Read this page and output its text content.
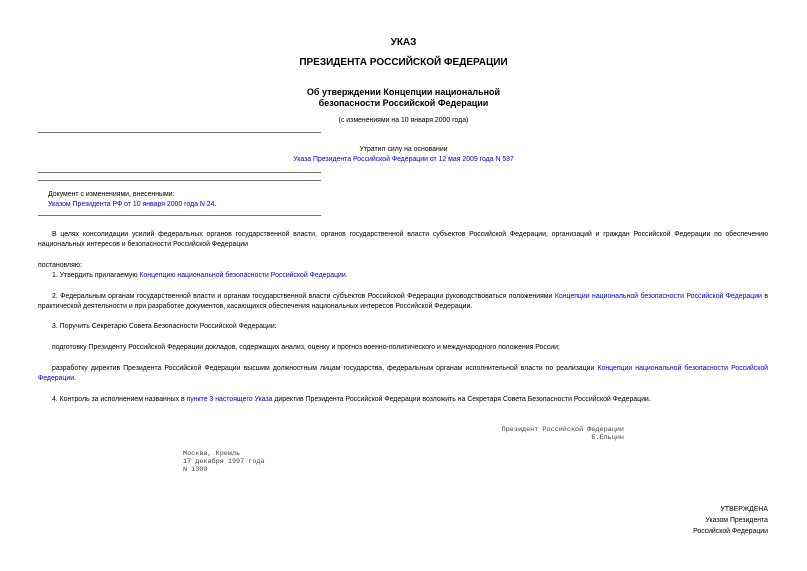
УКАЗ
ПРЕЗИДЕНТА РОССИЙСКОЙ ФЕДЕРАЦИИ
Об утверждении Концепции национальной
безопасности Российской Федерации
(с изменениями на 10 января 2000 года)
Утратил силу на основании
Указа Президента Российской Федерации от 12 мая 2009 года N 537
Документ с изменениями, внесенными:
Указом Президента РФ от 10 января 2000 года N 24.
В целях консолидации усилий федеральных органов государственной власти, органов государственной власти субъектов Российской Федерации, организаций и граждан Российской Федерации по обеспечению национальных интересов и безопасности Российской Федерации
постановляю:
1. Утвердить прилагаемую Концепцию национальной безопасности Российской Федерации.
2. Федеральным органам государственной власти и органам государственной власти субъектов Российской Федерации руководствоваться положениями Концепции национальной безопасности Российской Федерации в практической деятельности и при разработке документов, касающихся обеспечения национальных интересов Российской Федерации.
3. Поручить Секретарю Совета Безопасности Российской Федерации:
подготовку Президенту Российской Федерации докладов, содержащих анализ, оценку и прогноз военно-политического и международного положения России;
разработку директив Президента Российской Федерации высшим должностным лицам государства, федеральным органам исполнительной власти по реализации Концепции национальной безопасности Российской Федерации.
4. Контроль за исполнением названных в пункте 3 настоящего Указа директив Президента Российской Федерации возложить на Секретаря Совета Безопасности Российской Федерации.
Президент Российской Федерации
Б.Ельцин
Москва, Кремль
17 декабря 1997 года
N 1300
УТВЕРЖДЕНА
Указом Президента
Российской Федерации
